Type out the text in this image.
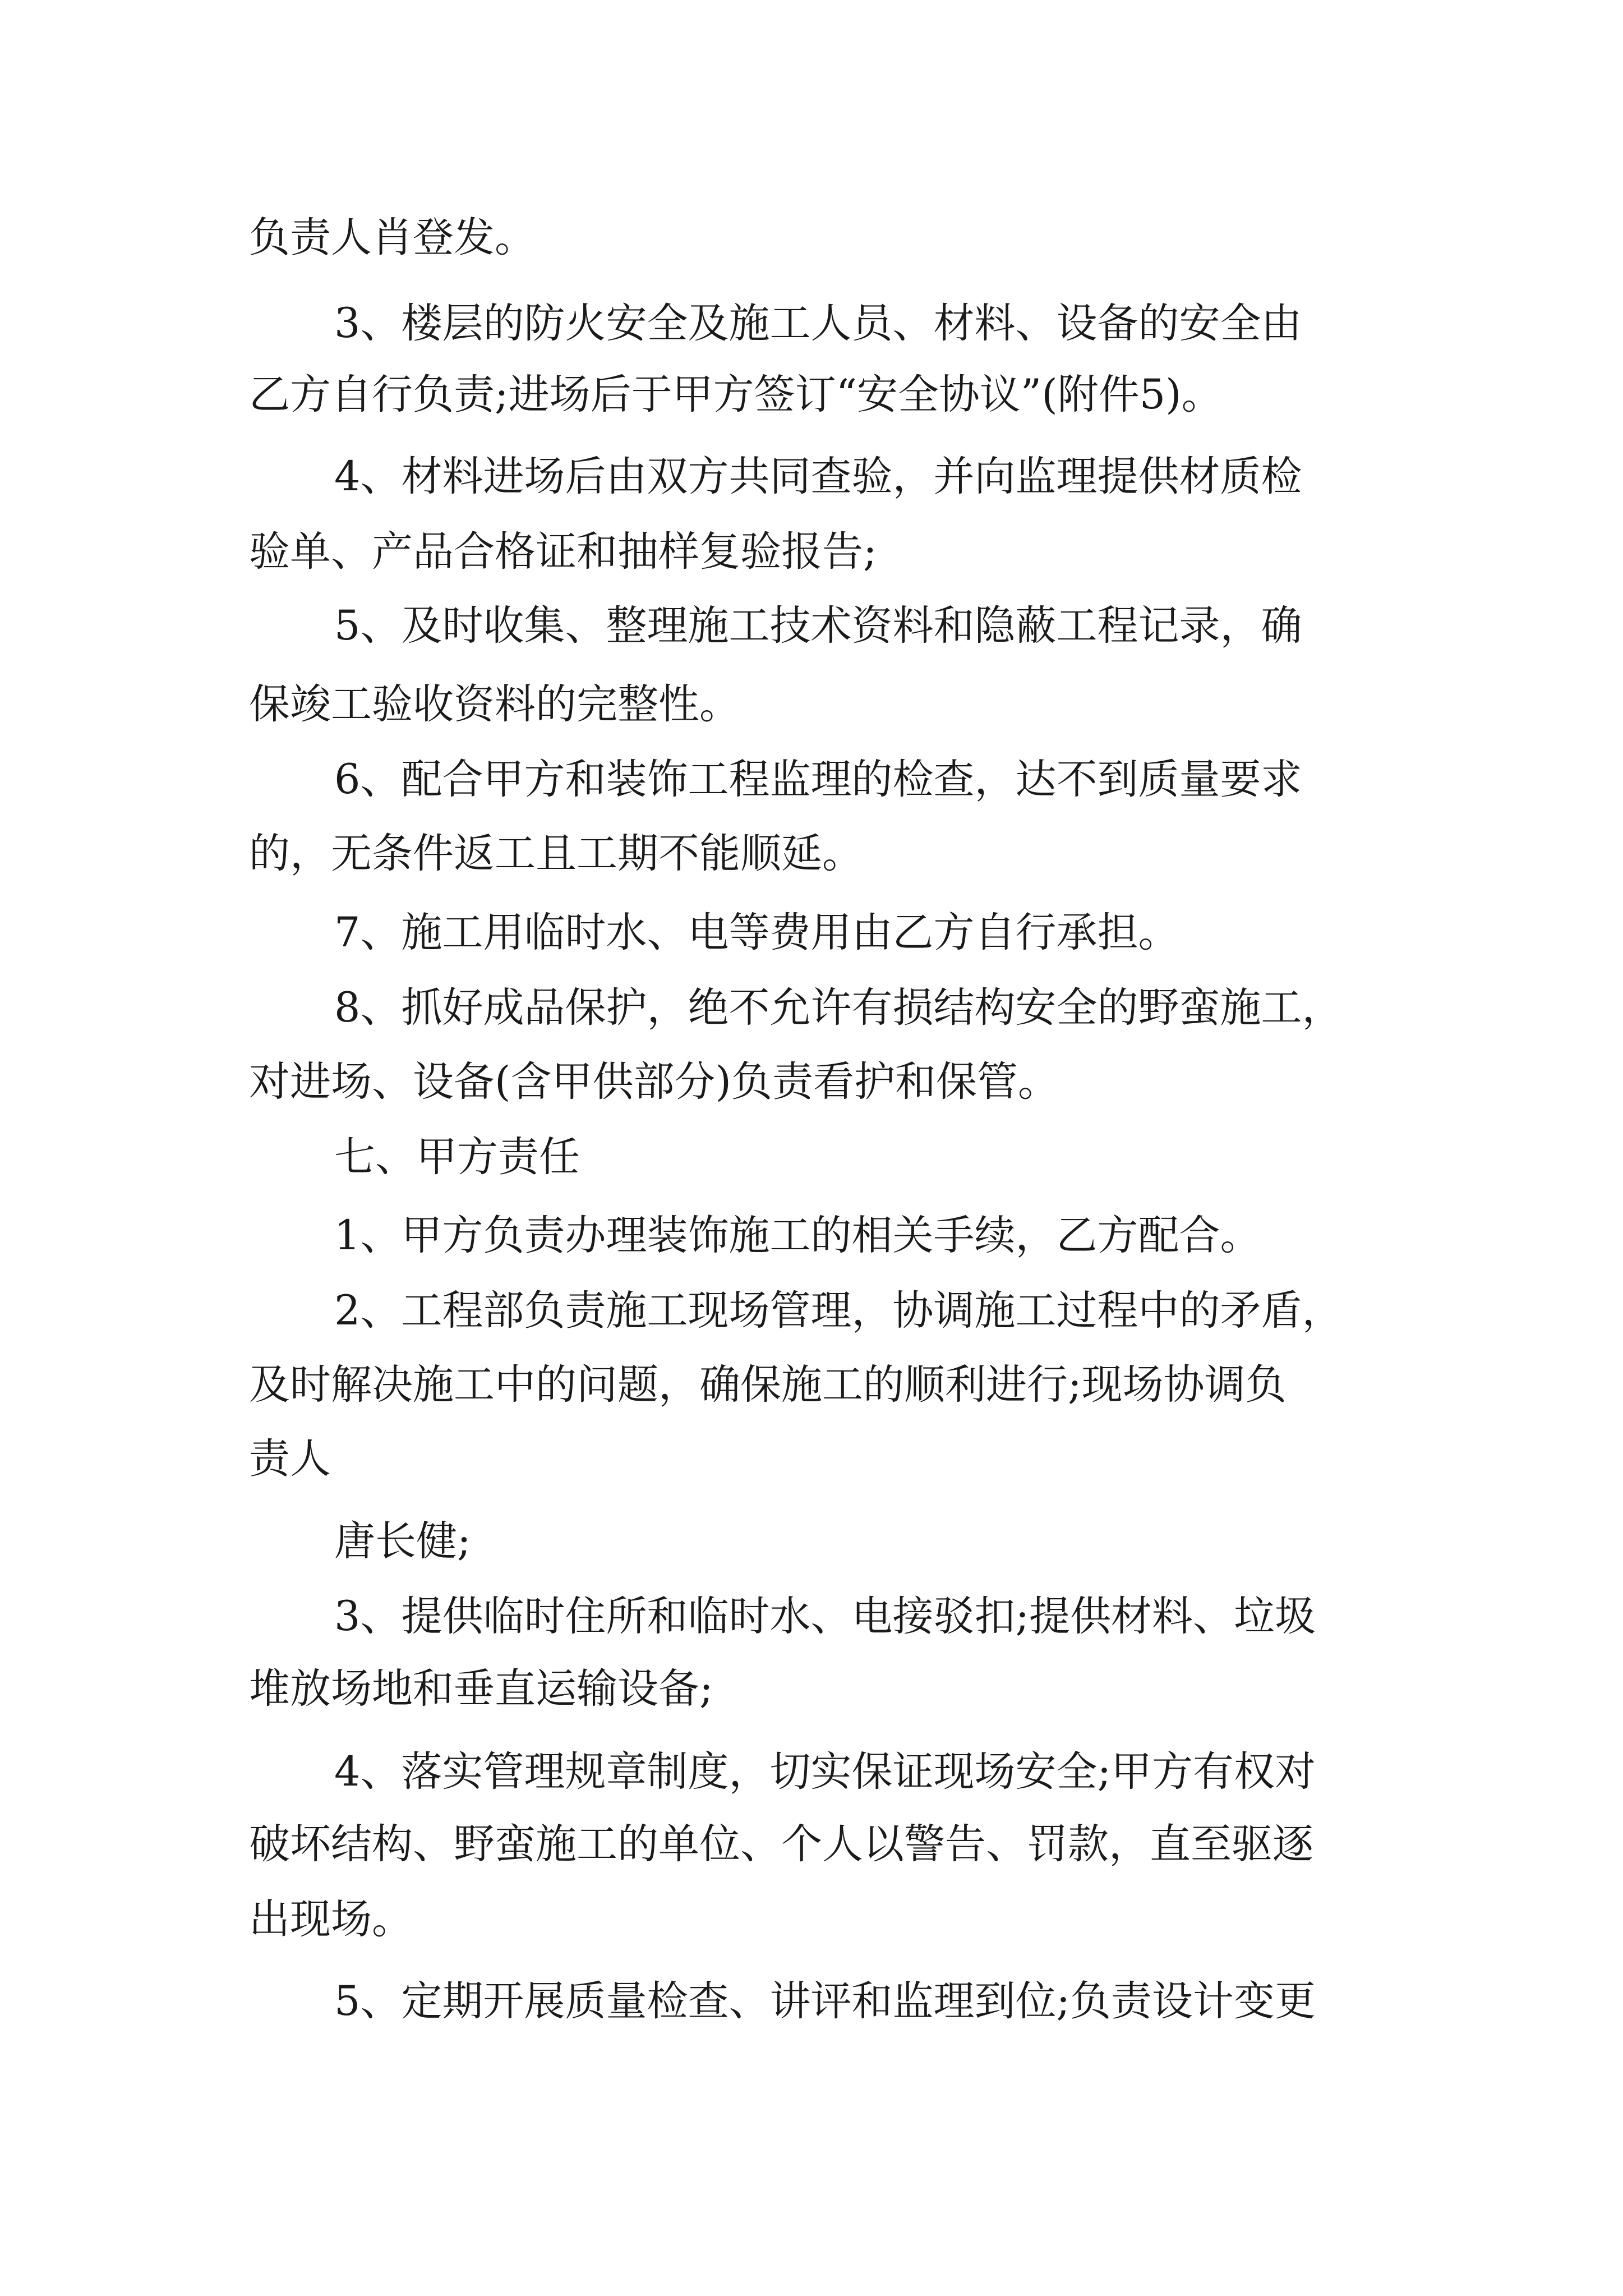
负责人肖登发。

3、楼层的防火安全及施工人员、材料、设备的安全由

乙方自行负责;进场后于甲方签订“安全协议”(附件5)。

4、材料进场后由双方共同查验，并向监理提供材质检

验单、产品合格证和抽样复验报告;

5、及时收集、整理施工技术资料和隐蔽工程记录，确

保竣工验收资料的完整性。

6、配合甲方和装饰工程监理的检查，达不到质量要求

的，无条件返工且工期不能顺延。

7、施工用临时水、电等费用由乙方自行承担。

8、抓好成品保护，绝不允许有损结构安全的野蛮施工，

对进场、设备(含甲供部分)负责看护和保管。

七、甲方责任

1、甲方负责办理装饰施工的相关手续，乙方配合。

2、工程部负责施工现场管理，协调施工过程中的矛盾，

及时解决施工中的问题，确保施工的顺利进行;现场协调负

责人

唐长健;

3、提供临时住所和临时水、电接驳扣;提供材料、垃圾

堆放场地和垂直运输设备;

4、落实管理规章制度，切实保证现场安全;甲方有权对

破坏结构、野蛮施工的单位、个人以警告、罚款，直至驱逐

出现场。

5、定期开展质量检查、讲评和监理到位;负责设计变更
